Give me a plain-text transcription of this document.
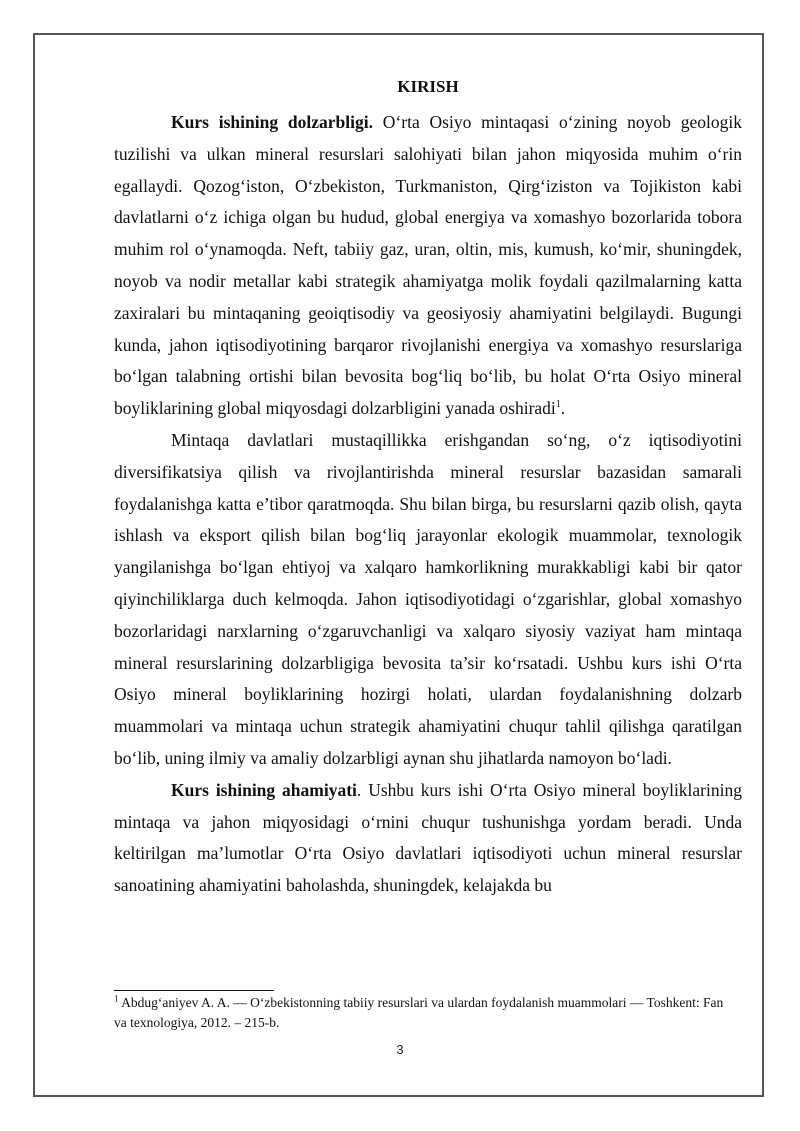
KIRISH

Kurs ishining dolzarbligi. O‘rta Osiyo mintaqasi o‘zining noyob geologik tuzilishi va ulkan mineral resurslari salohiyati bilan jahon miqyosida muhim o‘rin egallaydi. Qozog‘iston, O‘zbekiston, Turkmaniston, Qirg‘iziston va Tojikiston kabi davlatlarni o‘z ichiga olgan bu hudud, global energiya va xomashyo bozorlarida tobora muhim rol o‘ynamoqda. Neft, tabiiy gaz, uran, oltin, mis, kumush, ko‘mir, shuningdek, noyob va nodir metallar kabi strategik ahamiyatga molik foydali qazilmalarning katta zaxiralari bu mintaqaning geoiqtisodiy va geosiyosiy ahamiyatini belgilaydi. Bugungi kunda, jahon iqtisodiyotining barqaror rivojlanishi energiya va xomashyo resurslariga bo‘lgan talabning ortishi bilan bevosita bog‘liq bo‘lib, bu holat O‘rta Osiyo mineral boyliklarining global miqyosdagi dolzarbligini yanada oshiradi$^1$.

Mintaqa davlatlari mustaqillikka erishgandan so‘ng, o‘z iqtisodiyotini diversifikatsiya qilish va rivojlantirishda mineral resurslar bazasidan samarali foydalanishga katta e’tibor qaratmoqda. Shu bilan birga, bu resurslarni qazib olish, qayta ishlash va eksport qilish bilan bog‘liq jarayonlar ekologik muammolar, texnologik yangilanishga bo‘lgan ehtiyoj va xalqaro hamkorlikning murakkabligi kabi bir qator qiyinchiliklarga duch kelmoqda. Jahon iqtisodiyotidagi o‘zgarishlar, global xomashyo bozorlaridagi narxlarning o‘zgaruvchanligi va xalqaro siyosiy vaziyat ham mintaqa mineral resurslarining dolzarbligiga bevosita ta’sir ko‘rsatadi. Ushbu kurs ishi O‘rta Osiyo mineral boyliklarining hozirgi holati, ulardan foydalanishning dolzarb muammolari va mintaqa uchun strategik ahamiyatini chuqur tahlil qilishga qaratilgan bo‘lib, uning ilmiy va amaliy dolzarbligi aynan shu jihatlarda namoyon bo‘ladi.

Kurs ishining ahamiyati. Ushbu kurs ishi O‘rta Osiyo mineral boyliklarining mintaqa va jahon miqyosidagi o‘rnini chuqur tushunishga yordam beradi. Unda keltirilgan ma’lumotlar O‘rta Osiyo davlatlari iqtisodiyoti uchun mineral resurslar sanoatining ahamiyatini baholashda, shuningdek, kelajakda bu

$^1$ Abdug‘aniyev A. A. — O‘zbekistonning tabiiy resurslari va ulardan foydalanish muammolari — Toshkent: Fan va texnologiya, 2012. – 215-b.
3
